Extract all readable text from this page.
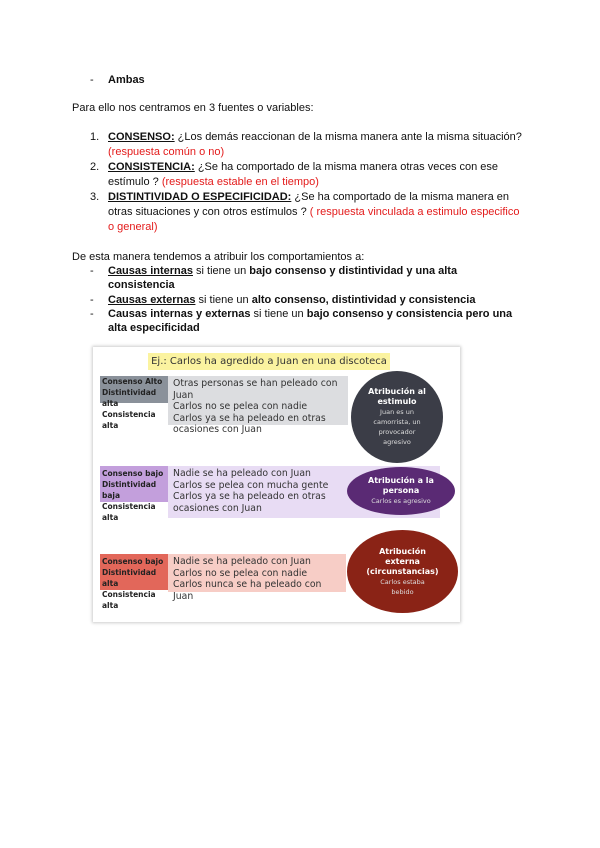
- Ambas
Para ello nos centramos en 3 fuentes o variables:
1. CONSENSO: ¿Los demás reaccionan de la misma manera ante la misma situación?
(respuesta común o no)
2. CONSISTENCIA: ¿Se ha comportado de la misma manera otras veces con ese
estímulo ? (respuesta estable en el tiempo)
3. DISTINTIVIDAD O ESPECIFICIDAD: ¿Se ha comportado de la misma manera en
otras situaciones y con otros estímulos ? ( respuesta vinculada a estimulo especifico
o general)
De esta manera tendemos a atribuir los comportamientos a:
- Causas internas si tiene un bajo consenso y distintividad y una alta
consistencia
- Causas externas si tiene un alto consenso, distintividad y consistencia
- Causas internas y externas si tiene un bajo consenso y consistencia pero una
alta especificidad
Ej.: Carlos ha agredido a Juan en una discoteca
Consenso Alto
Distintividad alta
Consistencia alta
Otras personas se han peleado con Juan
Carlos no se pelea con nadie
Carlos ya se ha peleado en otras
ocasiones con Juan
Atribución al
estimulo
Juan es un
camorrista, un
provocador
agresivo
Consenso bajo
Distintividad baja
Consistencia alta
Nadie se ha peleado con Juan
Carlos se pelea con mucha gente
Carlos ya se ha peleado en otras
ocasiones con Juan
Atribución a la
persona
Carlos es agresivo
Consenso bajo
Distintividad alta
Consistencia alta
Nadie se ha peleado con Juan
Carlos no se pelea con nadie
Carlos nunca se ha peleado con Juan
Atribución
externa
(circunstancias)
Carlos estaba
bebido
